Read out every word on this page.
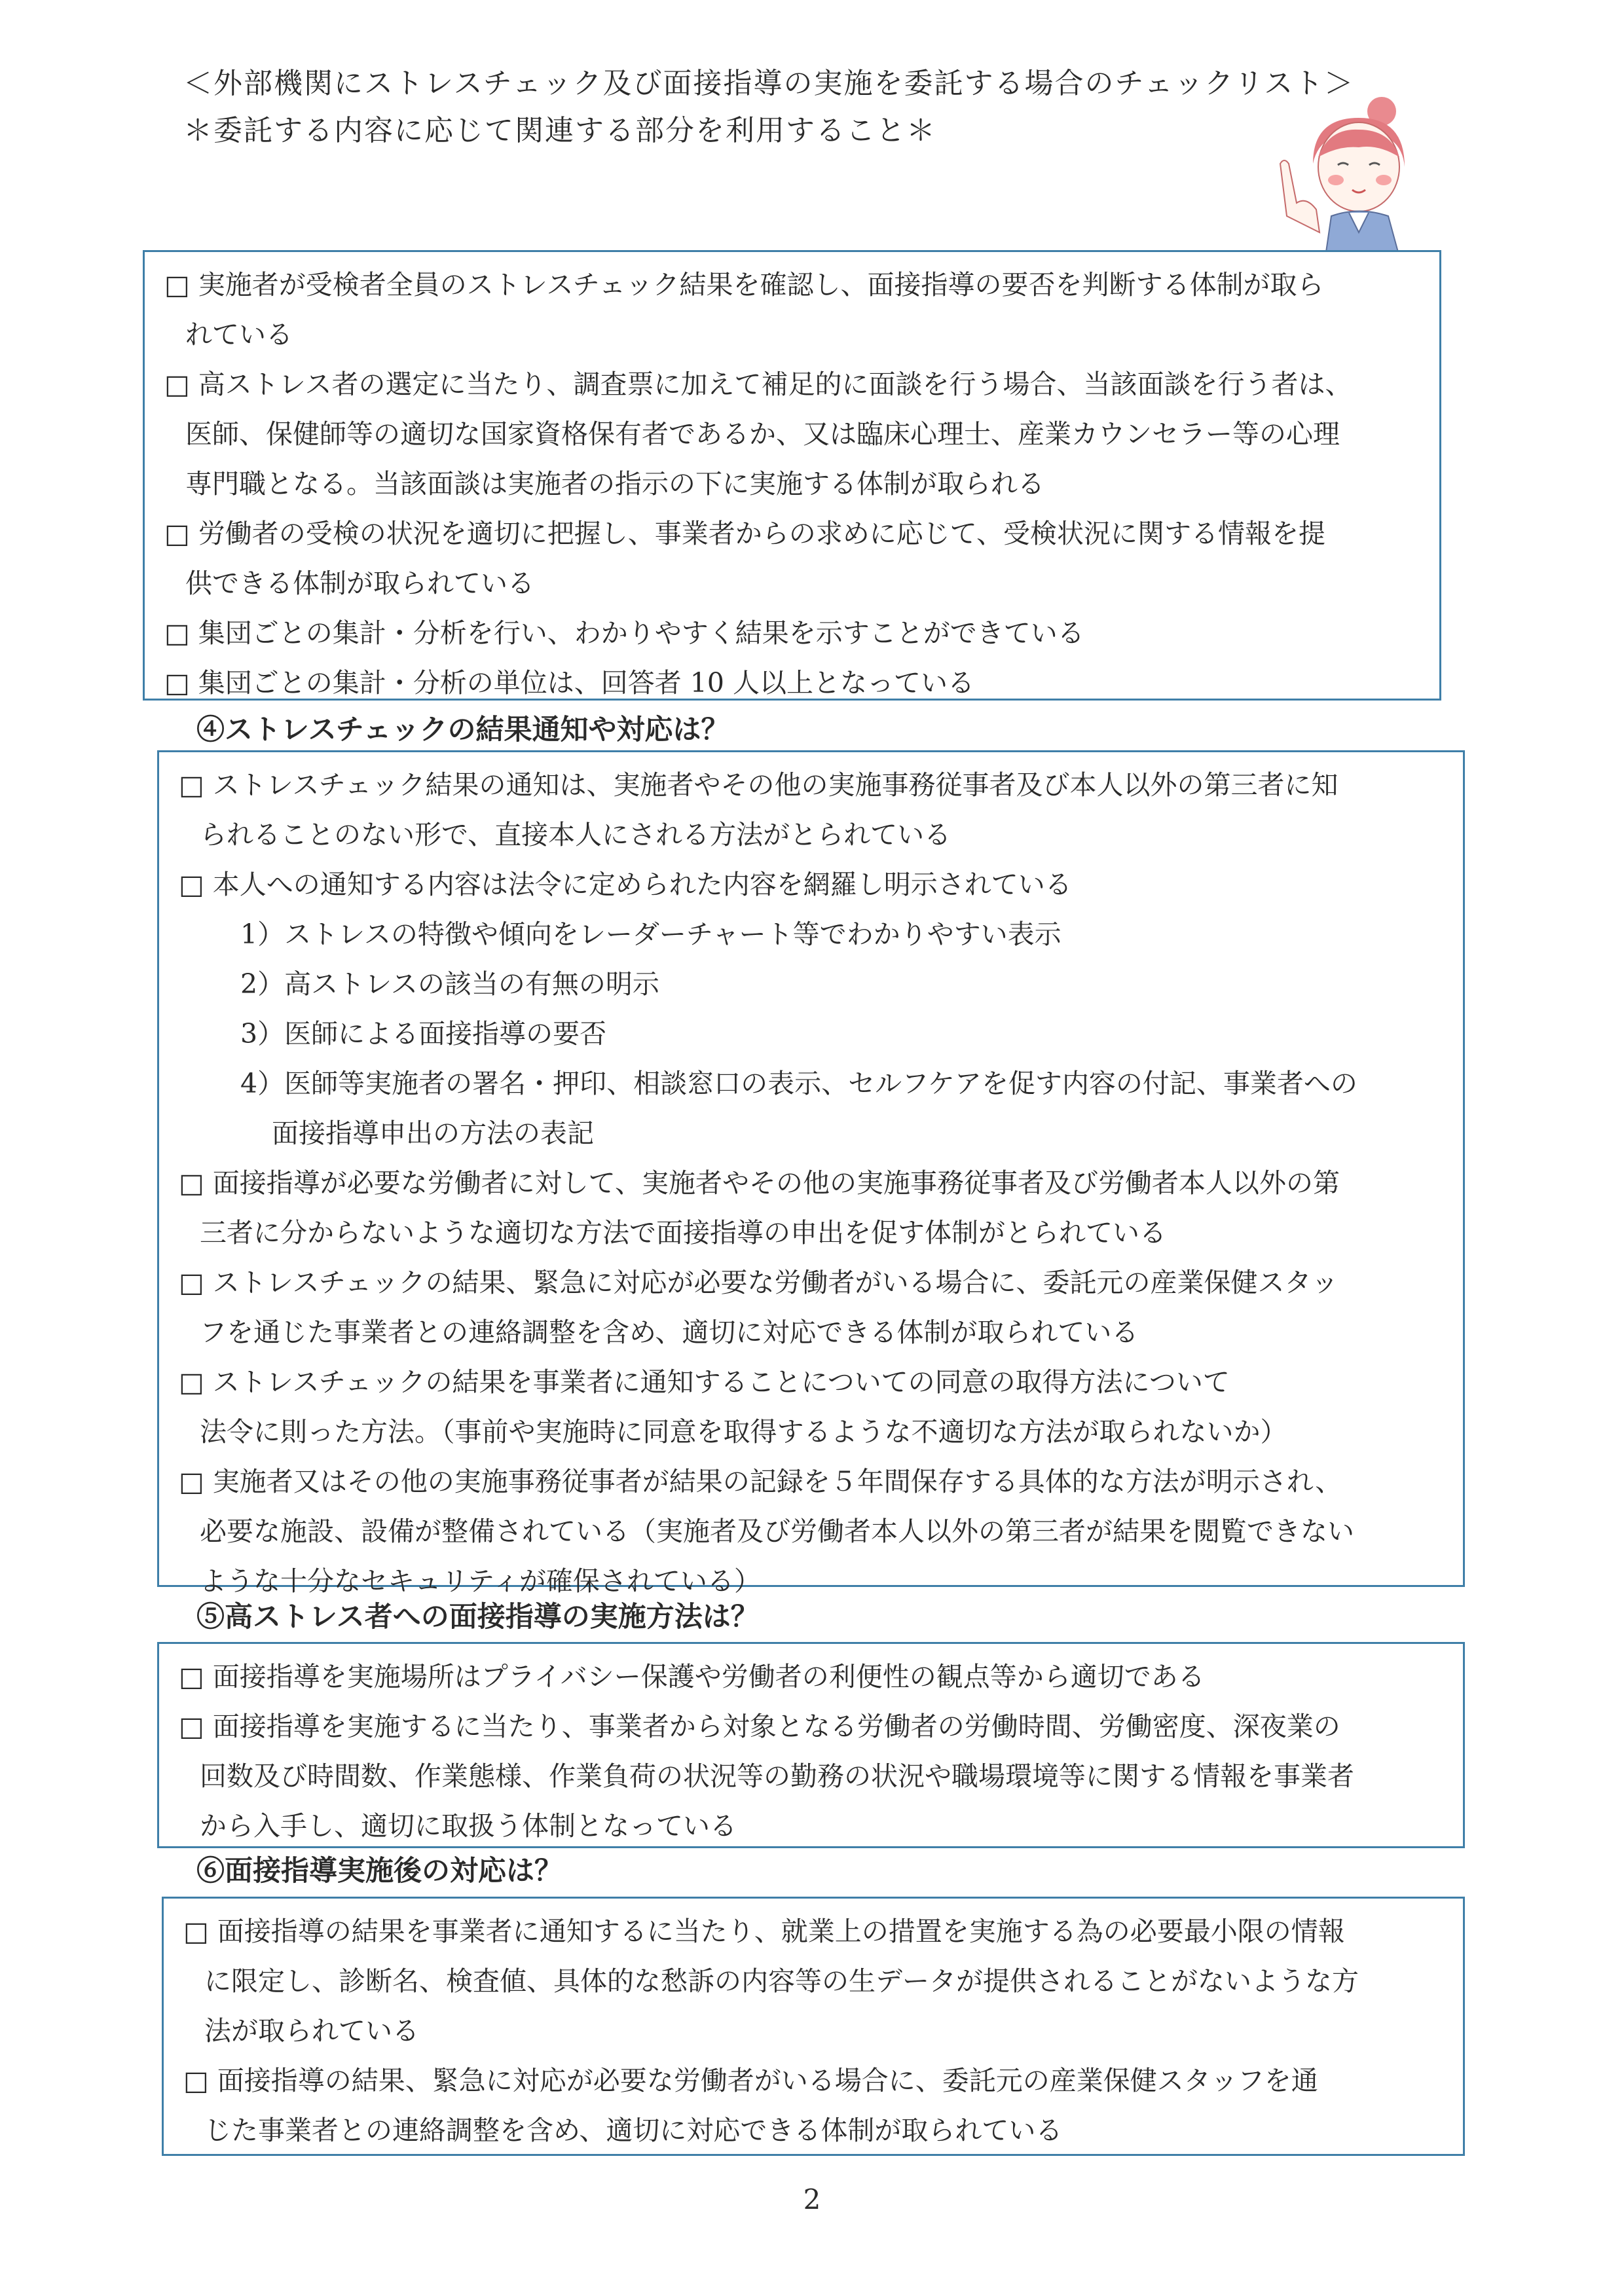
＜外部機関にストレスチェック及び面接指導の実施を委託する場合のチェックリスト＞
＊委託する内容に応じて関連する部分を利用すること＊
□ 実施者が受検者全員のストレスチェック結果を確認し、面接指導の要否を判断する体制が取ら
れている
□ 高ストレス者の選定に当たり、調査票に加えて補足的に面談を行う場合、当該面談を行う者は、
医師、保健師等の適切な国家資格保有者であるか、又は臨床心理士、産業カウンセラー等の心理
専門職となる。当該面談は実施者の指示の下に実施する体制が取られる
□ 労働者の受検の状況を適切に把握し、事業者からの求めに応じて、受検状況に関する情報を提
供できる体制が取られている
□ 集団ごとの集計・分析を行い、わかりやすく結果を示すことができている
□ 集団ごとの集計・分析の単位は、回答者 10 人以上となっている
④ストレスチェックの結果通知や対応は？
□ ストレスチェック結果の通知は、実施者やその他の実施事務従事者及び本人以外の第三者に知
られることのない形で、直接本人にされる方法がとられている
□ 本人への通知する内容は法令に定められた内容を網羅し明示されている
1）ストレスの特徴や傾向をレーダーチャート等でわかりやすい表示
2）高ストレスの該当の有無の明示
3）医師による面接指導の要否
4）医師等実施者の署名・押印、相談窓口の表示、セルフケアを促す内容の付記、事業者への
面接指導申出の方法の表記
□ 面接指導が必要な労働者に対して、実施者やその他の実施事務従事者及び労働者本人以外の第
三者に分からないような適切な方法で面接指導の申出を促す体制がとられている
□ ストレスチェックの結果、緊急に対応が必要な労働者がいる場合に、委託元の産業保健スタッ
フを通じた事業者との連絡調整を含め、適切に対応できる体制が取られている
□ ストレスチェックの結果を事業者に通知することについての同意の取得方法について
法令に則った方法。（事前や実施時に同意を取得するような不適切な方法が取られないか）
□ 実施者又はその他の実施事務従事者が結果の記録を５年間保存する具体的な方法が明示され、
必要な施設、設備が整備されている（実施者及び労働者本人以外の第三者が結果を閲覧できない
ような十分なセキュリティが確保されている）
⑤高ストレス者への面接指導の実施方法は？
□ 面接指導を実施場所はプライバシー保護や労働者の利便性の観点等から適切である
□ 面接指導を実施するに当たり、事業者から対象となる労働者の労働時間、労働密度、深夜業の
回数及び時間数、作業態様、作業負荷の状況等の勤務の状況や職場環境等に関する情報を事業者
から入手し、適切に取扱う体制となっている
⑥面接指導実施後の対応は？
□ 面接指導の結果を事業者に通知するに当たり、就業上の措置を実施する為の必要最小限の情報
に限定し、診断名、検査値、具体的な愁訴の内容等の生データが提供されることがないような方
法が取られている
□ 面接指導の結果、緊急に対応が必要な労働者がいる場合に、委託元の産業保健スタッフを通
じた事業者との連絡調整を含め、適切に対応できる体制が取られている
2
